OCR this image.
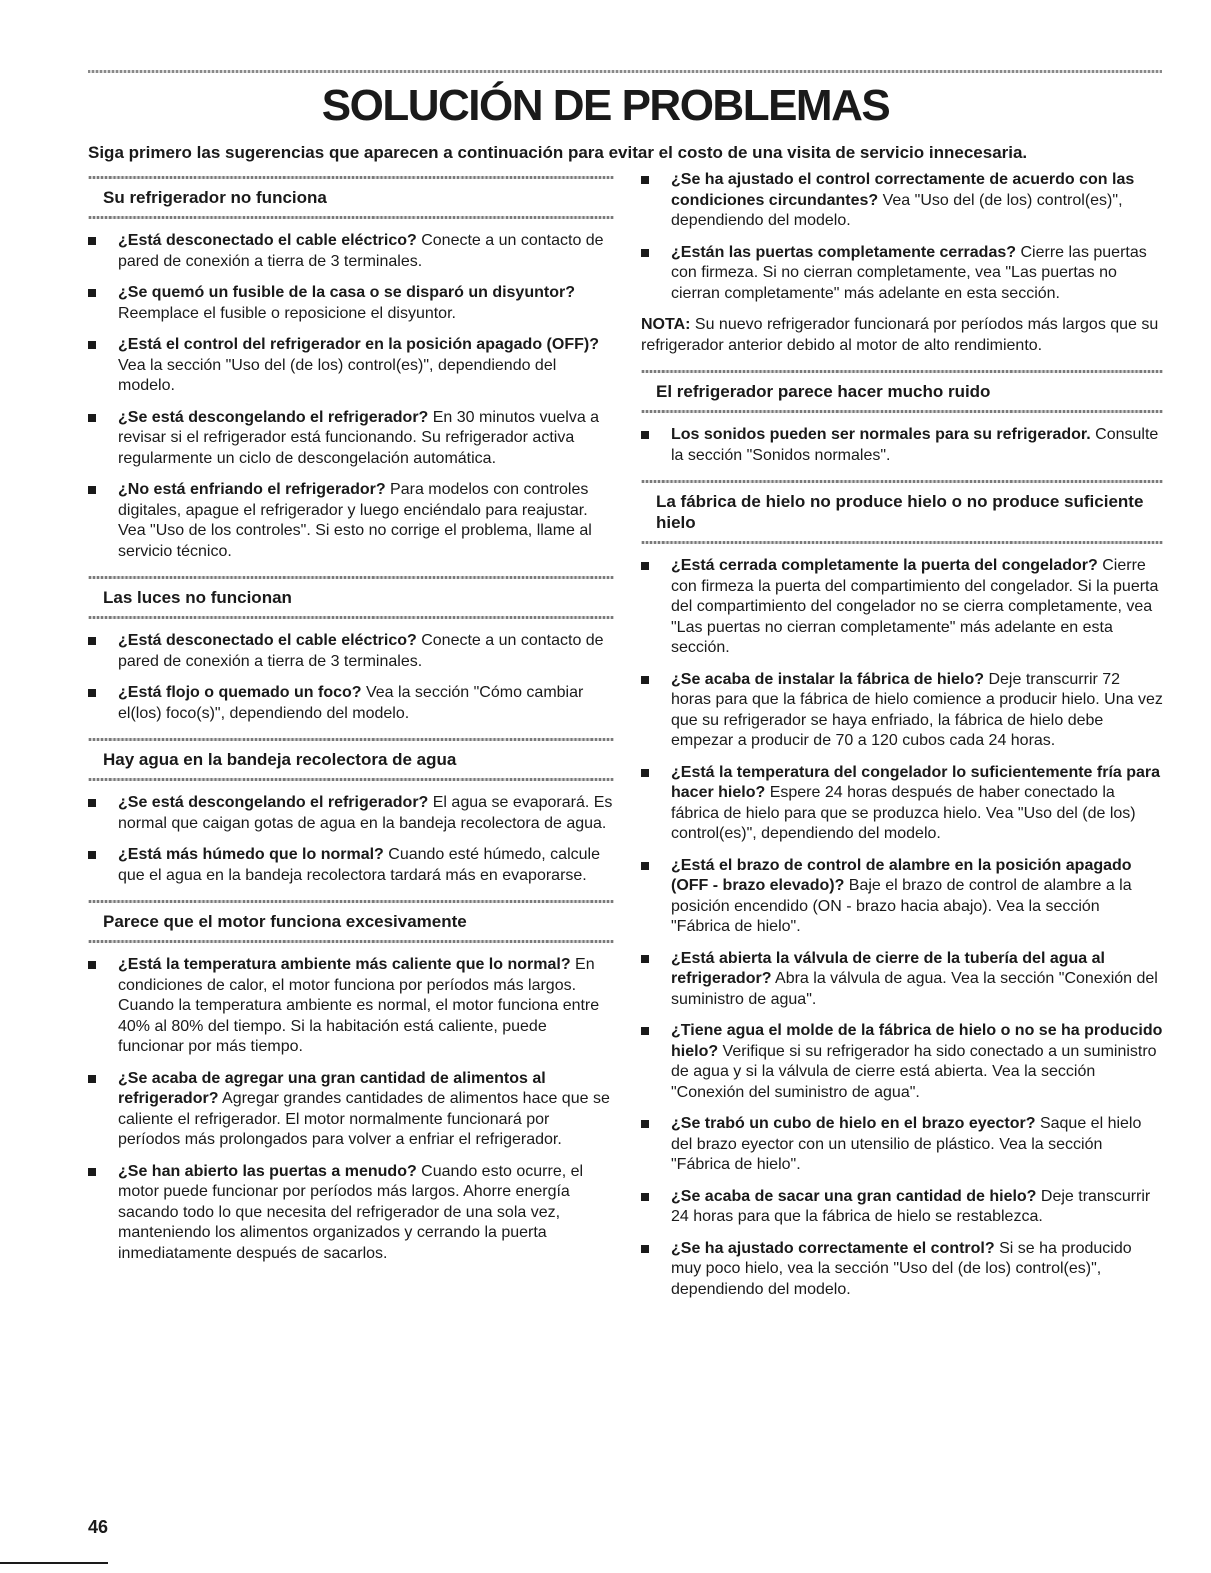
SOLUCIÓN DE PROBLEMAS

Siga primero las sugerencias que aparecen a continuación para evitar el costo de una visita de servicio innecesaria.

Su refrigerador no funciona
¿Está desconectado el cable eléctrico? Conecte a un contacto de pared de conexión a tierra de 3 terminales.
¿Se quemó un fusible de la casa o se disparó un disyuntor? Reemplace el fusible o reposicione el disyuntor.
¿Está el control del refrigerador en la posición apagado (OFF)? Vea la sección "Uso del (de los) control(es)", dependiendo del modelo.
¿Se está descongelando el refrigerador? En 30 minutos vuelva a revisar si el refrigerador está funcionando. Su refrigerador activa regularmente un ciclo de descongelación automática.
¿No está enfriando el refrigerador? Para modelos con controles digitales, apague el refrigerador y luego enciéndalo para reajustar. Vea "Uso de los controles". Si esto no corrige el problema, llame al servicio técnico.
Las luces no funcionan
¿Está desconectado el cable eléctrico? Conecte a un contacto de pared de conexión a tierra de 3 terminales.
¿Está flojo o quemado un foco? Vea la sección "Cómo cambiar el(los) foco(s)", dependiendo del modelo.
Hay agua en la bandeja recolectora de agua
¿Se está descongelando el refrigerador? El agua se evaporará. Es normal que caigan gotas de agua en la bandeja recolectora de agua.
¿Está más húmedo que lo normal? Cuando esté húmedo, calcule que el agua en la bandeja recolectora tardará más en evaporarse.
Parece que el motor funciona excesivamente
¿Está la temperatura ambiente más caliente que lo normal? En condiciones de calor, el motor funciona por períodos más largos. Cuando la temperatura ambiente es normal, el motor funciona entre 40% al 80% del tiempo. Si la habitación está caliente, puede funcionar por más tiempo.
¿Se acaba de agregar una gran cantidad de alimentos al refrigerador? Agregar grandes cantidades de alimentos hace que se caliente el refrigerador. El motor normalmente funcionará por períodos más prolongados para volver a enfriar el refrigerador.
¿Se han abierto las puertas a menudo? Cuando esto ocurre, el motor puede funcionar por períodos más largos. Ahorre energía sacando todo lo que necesita del refrigerador de una sola vez, manteniendo los alimentos organizados y cerrando la puerta inmediatamente después de sacarlos.
¿Se ha ajustado el control correctamente de acuerdo con las condiciones circundantes? Vea "Uso del (de los) control(es)", dependiendo del modelo.
¿Están las puertas completamente cerradas? Cierre las puertas con firmeza. Si no cierran completamente, vea "Las puertas no cierran completamente" más adelante en esta sección.

NOTA: Su nuevo refrigerador funcionará por períodos más largos que su refrigerador anterior debido al motor de alto rendimiento.

El refrigerador parece hacer mucho ruido
Los sonidos pueden ser normales para su refrigerador. Consulte la sección "Sonidos normales".
La fábrica de hielo no produce hielo o no produce suficiente hielo
¿Está cerrada completamente la puerta del congelador? Cierre con firmeza la puerta del compartimiento del congelador. Si la puerta del compartimiento del congelador no se cierra completamente, vea "Las puertas no cierran completamente" más adelante en esta sección.
¿Se acaba de instalar la fábrica de hielo? Deje transcurrir 72 horas para que la fábrica de hielo comience a producir hielo. Una vez que su refrigerador se haya enfriado, la fábrica de hielo debe empezar a producir de 70 a 120 cubos cada 24 horas.
¿Está la temperatura del congelador lo suficientemente fría para hacer hielo? Espere 24 horas después de haber conectado la fábrica de hielo para que se produzca hielo. Vea "Uso del (de los) control(es)", dependiendo del modelo.
¿Está el brazo de control de alambre en la posición apagado (OFF - brazo elevado)? Baje el brazo de control de alambre a la posición encendido (ON - brazo hacia abajo). Vea la sección "Fábrica de hielo".
¿Está abierta la válvula de cierre de la tubería del agua al refrigerador? Abra la válvula de agua. Vea la sección "Conexión del suministro de agua".
¿Tiene agua el molde de la fábrica de hielo o no se ha producido hielo? Verifique si su refrigerador ha sido conectado a un suministro de agua y si la válvula de cierre está abierta. Vea la sección "Conexión del suministro de agua".
¿Se trabó un cubo de hielo en el brazo eyector? Saque el hielo del brazo eyector con un utensilio de plástico. Vea la sección "Fábrica de hielo".
¿Se acaba de sacar una gran cantidad de hielo? Deje transcurrir 24 horas para que la fábrica de hielo se restablezca.
¿Se ha ajustado correctamente el control? Si se ha producido muy poco hielo, vea la sección "Uso del (de los) control(es)", dependiendo del modelo.
46
